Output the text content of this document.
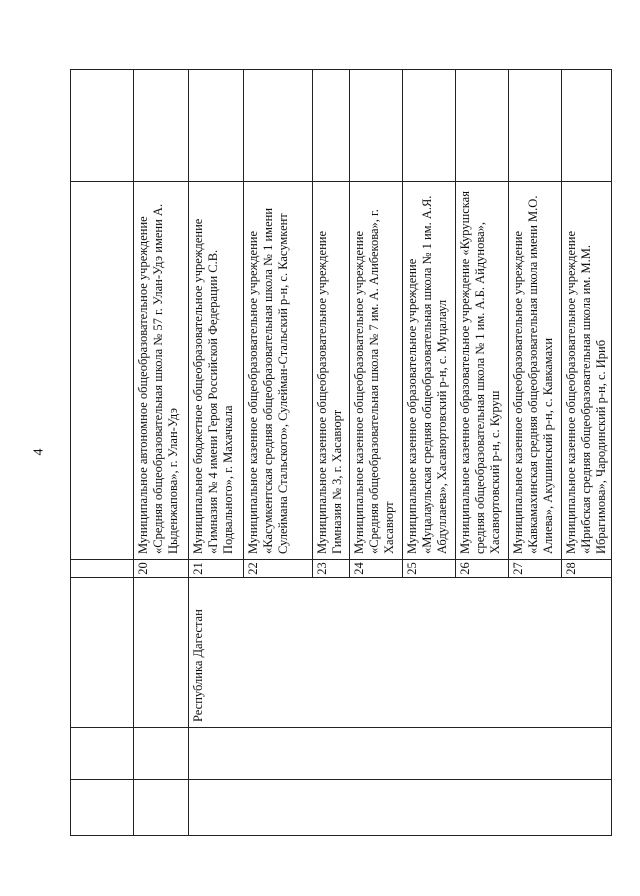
4

			20	Муниципальное автономное общеобразовательное учреждение «Средняя общеобразовательная школа № 57 г. Улан-Удэ имени А. Цыденжапова», г. Улан-Удэ	
		Республика Дагестан	21	Муниципальное бюджетное общеобразовательное учреждение «Гимназия № 4 имени Героя Российской Федерации С.В. Подвального», г. Махачкала	
			22	Муниципальное казенное общеобразовательное учреждение «Касумкентская средняя общеобразовательная школа № 1 имени Сулеймана Стальского», Сулейман-Стальский р-н, с. Касумкент	
			23	Муниципальное казенное общеобразовательное учреждение Гимназия № 3, г. Хасавюрт	
			24	Муниципальное казенное общеобразовательное учреждение «Средняя общеобразовательная школа № 7 им. А. Алибекова», г. Хасавюрт	
			25	Муниципальное казенное образовательное учреждение «Муцалаульская средняя общеобразовательная школа № 1 им. А.Я. Абдуллаева», Хасавюртовский р-н, с. Муцалаул	
			26	Муниципальное казенное образовательное учреждение «Курушская средняя общеобразовательная школа № 1 им. А.Б. Айдунова», Хасавюртовский р-н, с. Куруш	
			27	Муниципальное казенное общеобразовательное учреждение «Кавкамахинская средняя общеобразовательная школа имени М.О. Алиева», Акушинский р-н, с. Кавкамахи	
			28	Муниципальное казенное общеобразовательное учреждение «Ирибская средняя общеобразовательная школа им. М.М. Ибрагимова», Чародинский р-н, с. Ириб	
